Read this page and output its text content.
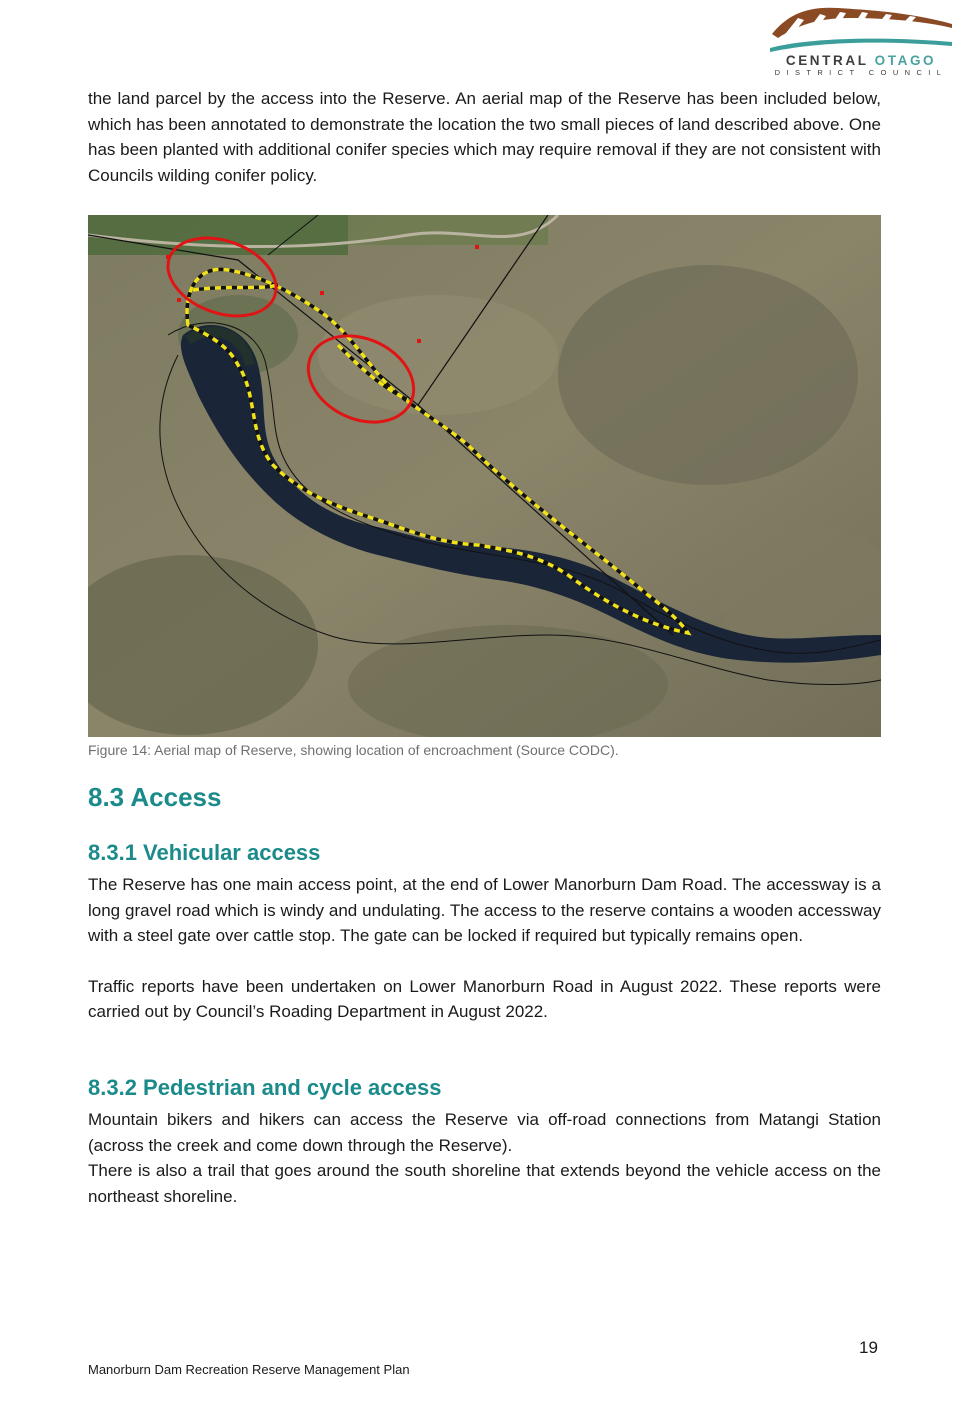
CENTRAL OTAGO
DISTRICT COUNCIL

the land parcel by the access into the Reserve. An aerial map of the Reserve has been included below, which has been annotated to demonstrate the location the two small pieces of land described above. One has been planted with additional conifer species which may require removal if they are not consistent with Councils wilding conifer policy.

Figure 14: Aerial map of Reserve, showing location of encroachment (Source CODC).
8.3 Access
8.3.1 Vehicular access

The Reserve has one main access point, at the end of Lower Manorburn Dam Road. The accessway is a long gravel road which is windy and undulating. The access to the reserve contains a wooden accessway with a steel gate over cattle stop. The gate can be locked if required but typically remains open.

Traffic reports have been undertaken on Lower Manorburn Road in August 2022. These reports were carried out by Council’s Roading Department in August 2022.

8.3.2 Pedestrian and cycle access

Mountain bikers and hikers can access the Reserve via off-road connections from Matangi Station (across the creek and come down through the Reserve).

There is also a trail that goes around the south shoreline that extends beyond the vehicle access on the northeast shoreline.

19
Manorburn Dam Recreation Reserve Management Plan
